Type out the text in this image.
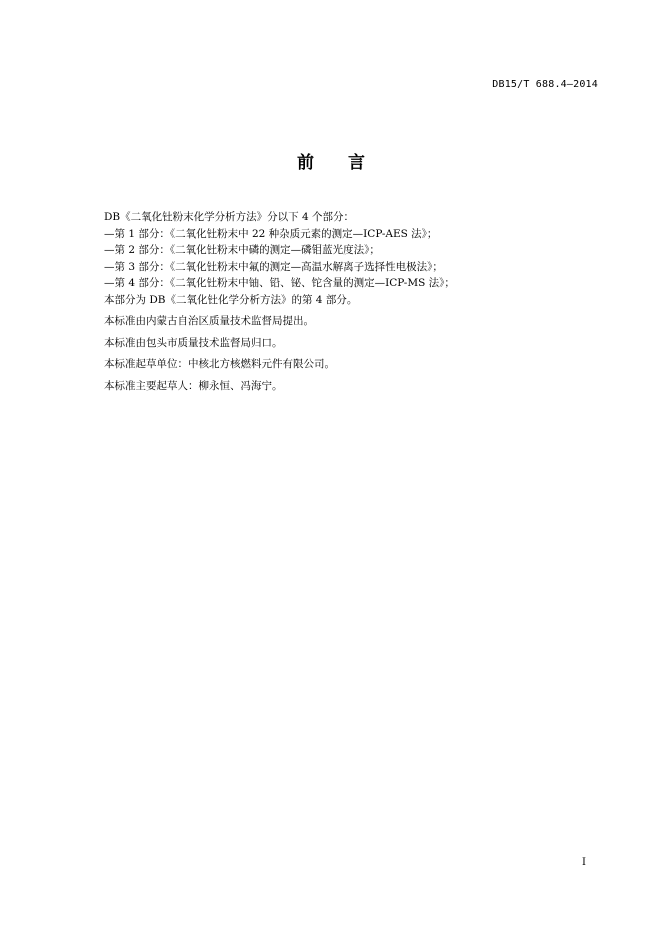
DB15/T 688.4—2014
前　　言
DB《二氧化钍粉末化学分析方法》分以下 4 个部分：
—第 1 部分：《二氧化钍粉末中 22 种杂质元素的测定—ICP-AES 法》；
—第 2 部分：《二氧化钍粉末中磷的测定—磷钼蓝光度法》；
—第 3 部分：《二氧化钍粉末中氟的测定—高温水解离子选择性电极法》；
—第 4 部分：《二氧化钍粉末中铀、铅、铋、铊含量的测定—ICP-MS 法》；
本部分为 DB《二氧化钍化学分析方法》的第 4 部分。
本标准由内蒙古自治区质量技术监督局提出。
本标准由包头市质量技术监督局归口。
本标准起草单位：中核北方核燃料元件有限公司。
本标准主要起草人：柳永恒、冯海宁。
I
